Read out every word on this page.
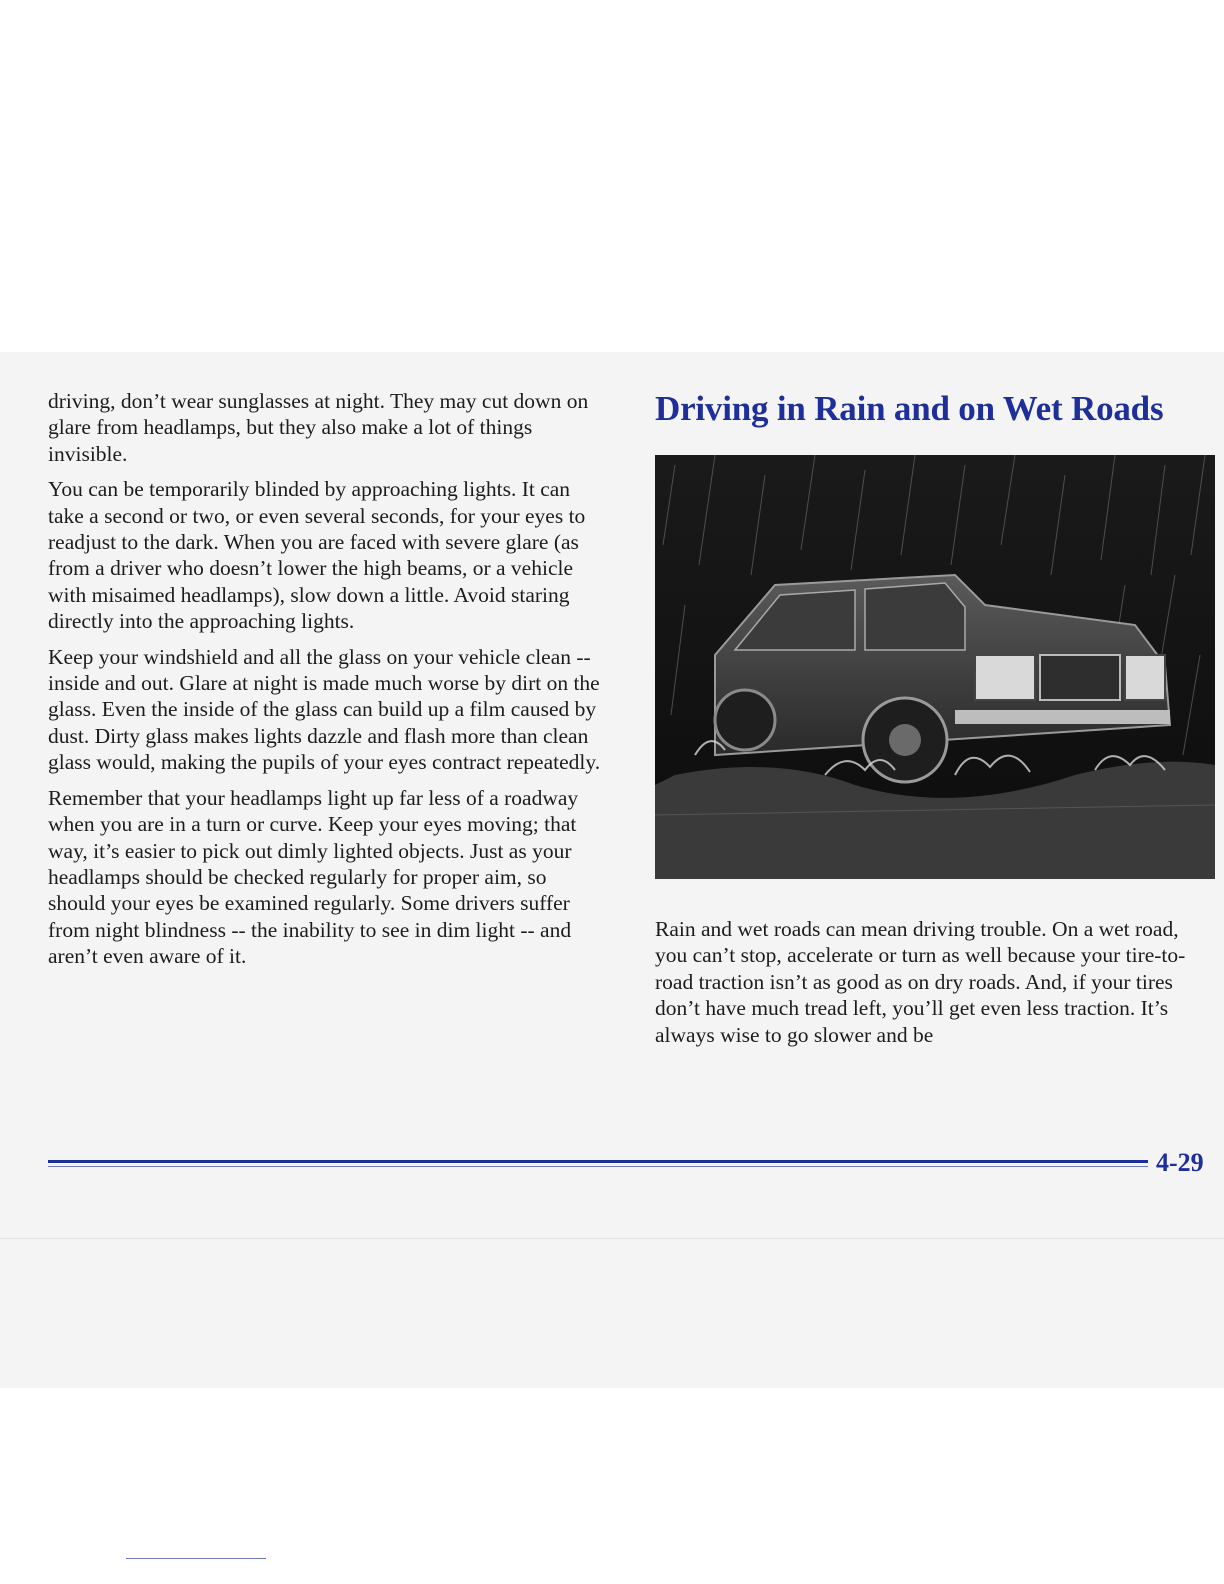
driving, don’t wear sunglasses at night. They may cut down on glare from headlamps, but they also make a lot of things invisible.

You can be temporarily blinded by approaching lights. It can take a second or two, or even several seconds, for your eyes to readjust to the dark. When you are faced with severe glare (as from a driver who doesn’t lower the high beams, or a vehicle with misaimed headlamps), slow down a little. Avoid staring directly into the approaching lights.

Keep your windshield and all the glass on your vehicle clean -- inside and out. Glare at night is made much worse by dirt on the glass. Even the inside of the glass can build up a film caused by dust. Dirty glass makes lights dazzle and flash more than clean glass would, making the pupils of your eyes contract repeatedly.

Remember that your headlamps light up far less of a roadway when you are in a turn or curve. Keep your eyes moving; that way, it’s easier to pick out dimly lighted objects. Just as your headlamps should be checked regularly for proper aim, so should your eyes be examined regularly. Some drivers suffer from night blindness -- the inability to see in dim light -- and aren’t even aware of it.

Driving in Rain and on Wet Roads

Rain and wet roads can mean driving trouble. On a wet road, you can’t stop, accelerate or turn as well because your tire-to-road traction isn’t as good as on dry roads. And, if your tires don’t have much tread left, you’ll get even less traction. It’s always wise to go slower and be

4-29
